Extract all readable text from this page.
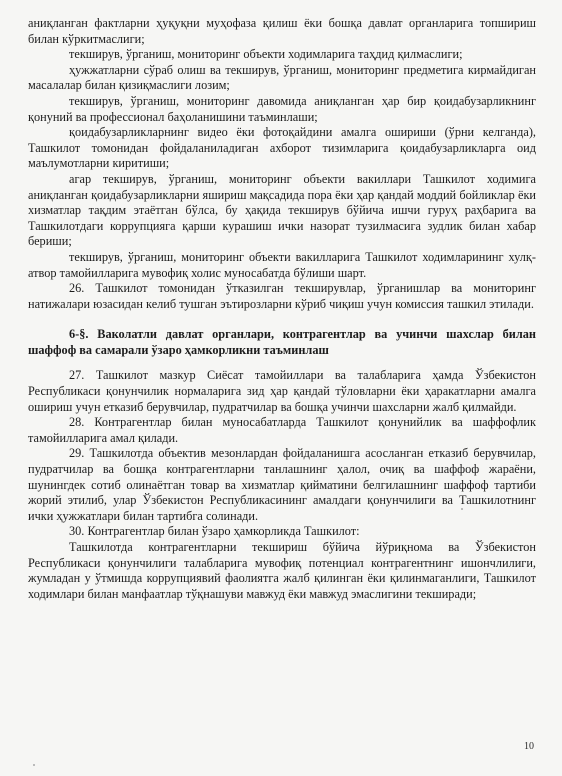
аниқланган фактларни ҳуқуқни муҳофаза қилиш ёки бошқа давлат органларига топшириш билан кўркитмаслиги;

текширув, ўрганиш, мониторинг объекти ходимларига таҳдид қилмаслиги;

ҳужжатларни сўраб олиш ва текширув, ўрганиш, мониторинг предметига кирмайдиган масалалар билан қизиқмаслиги лозим;

текширув, ўрганиш, мониторинг давомида аниқланган ҳар бир қоидабузарликнинг қонуний ва профессионал баҳоланишини таъминлаши;

қоидабузарликларнинг видео ёки фотоқайдини амалга ошириши (ўрни келганда), Ташкилот томонидан фойдаланиладиган ахборот тизимларига қоидабузарликларга оид маълумотларни киритиши;

агар текширув, ўрганиш, мониторинг объекти вакиллари Ташкилот ходимига аниқланган қоидабузарликларни яшириш мақсадида пора ёки ҳар қандай моддий бойликлар ёки хизматлар тақдим этаётган бўлса, бу ҳақида текширув бўйича ишчи гуруҳ раҳбарига ва Ташкилотдаги коррупцияга қарши курашиш ички назорат тузилмасига зудлик билан хабар бериши;

текширув, ўрганиш, мониторинг объекти вакилларига Ташкилот ходимларининг хулқ-атвор тамойилларига мувофиқ холис муносабатда бўлиши шарт.

26. Ташкилот томонидан ўтказилган текширувлар, ўрганишлар ва мониторинг натижалари юзасидан келиб тушган эътирозларни кўриб чиқиш учун комиссия ташкил этилади.

6-§. Ваколатли давлат органлари, контрагентлар ва учинчи шахслар билан шаффоф ва самарали ўзаро ҳамкорликни таъминлаш

27. Ташкилот мазкур Сиёсат тамойиллари ва талабларига ҳамда Ўзбекистон Республикаси қонунчилик нормаларига зид ҳар қандай тўловларни ёки ҳаракатларни амалга ошириш учун етказиб берувчилар, пудратчилар ва бошқа учинчи шахсларни жалб қилмайди.

28. Контрагентлар билан муносабатларда Ташкилот қонунийлик ва шаффофлик тамойилларига амал қилади.

29. Ташкилотда объектив мезонлардан фойдаланишга асосланган етказиб берувчилар, пудратчилар ва бошқа контрагентларни танлашнинг ҳалол, очиқ ва шаффоф жараёни, шунингдек сотиб олинаётган товар ва хизматлар қийматини белгилашнинг шаффоф тартиби жорий этилиб, улар Ўзбекистон Республикасининг амалдаги қонунчилиги ва Ташкилотнинг ички ҳужжатлари билан тартибга солинади.

30. Контрагентлар билан ўзаро ҳамкорликда Ташкилот:

Ташкилотда контрагентларни текшириш бўйича йўриқнома ва Ўзбекистон Республикаси қонунчилиги талабларига мувофиқ потенциал контрагентнинг ишончлилиги, жумладан у ўтмишда коррупциявий фаолиятга жалб қилинган ёки қилинмаганлиги, Ташкилот ходимлари билан манфаатлар тўқнашуви мавжуд ёки мавжуд эмаслигини текширади;

10
